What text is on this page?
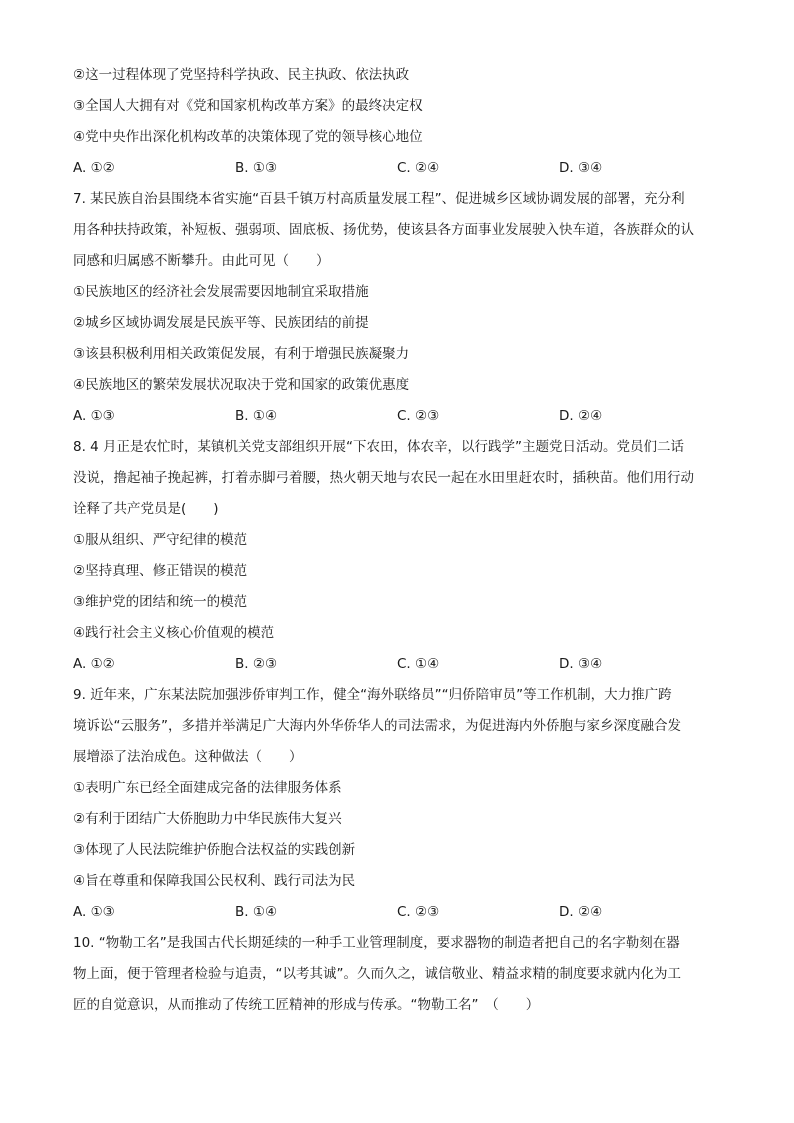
②这一过程体现了党坚持科学执政、民主执政、依法执政
③全国人大拥有对《党和国家机构改革方案》的最终决定权
④党中央作出深化机构改革的决策体现了党的领导核心地位
A. ①②	B. ①③	C. ②④	D. ③④
7. 某民族自治县围绕本省实施“百县千镇万村高质量发展工程”、促进城乡区域协调发展的部署，充分利
用各种扶持政策，补短板、强弱项、固底板、扬优势，使该县各方面事业发展驶入快车道，各族群众的认
同感和归属感不断攀升。由此可见（　　）
①民族地区的经济社会发展需要因地制宜采取措施
②城乡区域协调发展是民族平等、民族团结的前提
③该县积极利用相关政策促发展，有利于增强民族凝聚力
④民族地区的繁荣发展状况取决于党和国家的政策优惠度
A. ①③	B. ①④	C. ②③	D. ②④
8. 4 月正是农忙时，某镇机关党支部组织开展“下农田，体农辛，以行践学”主题党日活动。党员们二话
没说，撸起袖子挽起裤，打着赤脚弓着腰，热火朝天地与农民一起在水田里赶农时，插秧苗。他们用行动
诠释了共产党员是(　　)
①服从组织、严守纪律的模范
②坚持真理、修正错误的模范
③维护党的团结和统一的模范
④践行社会主义核心价值观的模范
A. ①②	B. ②③	C. ①④	D. ③④
9. 近年来，广东某法院加强涉侨审判工作，健全“海外联络员”“归侨陪审员”等工作机制，大力推广跨
境诉讼“云服务”，多措并举满足广大海内外华侨华人的司法需求，为促进海内外侨胞与家乡深度融合发
展增添了法治成色。这种做法（　　）
①表明广东已经全面建成完备的法律服务体系
②有利于团结广大侨胞助力中华民族伟大复兴
③体现了人民法院维护侨胞合法权益的实践创新
④旨在尊重和保障我国公民权利、践行司法为民
A. ①③	B. ①④	C. ②③	D. ②④
10. “物勒工名”是我国古代长期延续的一种手工业管理制度，要求器物的制造者把自己的名字勒刻在器
物上面，便于管理者检验与追责，“以考其诚”。久而久之，诚信敬业、精益求精的制度要求就内化为工
匠的自觉意识，从而推动了传统工匠精神的形成与传承。“物勒工名”　（　　）
